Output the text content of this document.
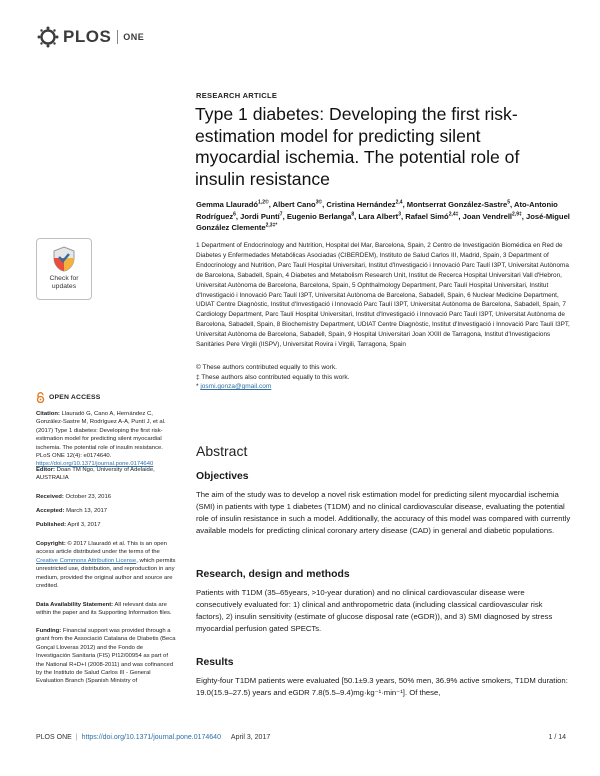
PLOS ONE
RESEARCH ARTICLE
Type 1 diabetes: Developing the first risk-estimation model for predicting silent myocardial ischemia. The potential role of insulin resistance
Gemma Llauradó$^{1,2©}$, Albert Cano$^{3©}$, Cristina Hernández$^{2,4}$, Montserrat González-Sastre$^5$, Ato-Antonio Rodríguez$^6$, Jordi Puntí$^7$, Eugenio Berlanga$^8$, Lara Albert$^3$, Rafael Simó$^{2,4\ddagger}$, Joan Vendrell$^{2,9\ddagger}$, José-Miguel González Clemente$^{2,3\ddagger*}$
1 Department of Endocrinology and Nutrition, Hospital del Mar, Barcelona, Spain, 2 Centro de Investigación Biomédica en Red de Diabetes y Enfermedades Metabólicas Asociadas (CIBERDEM), Instituto de Salud Carlos III, Madrid, Spain, 3 Department of Endocrinology and Nutrition, Parc Taulí Hospital Universitari, Institut d'Investigació i Innovació Parc Taulí I3PT, Universitat Autònoma de Barcelona, Sabadell, Spain, 4 Diabetes and Metabolism Research Unit, Institut de Recerca Hospital Universitari Vall d'Hebron, Universitat Autònoma de Barcelona, Barcelona, Spain, 5 Ophthalmology Department, Parc Taulí Hospital Universitari, Institut d'Investigació i Innovació Parc Taulí I3PT, Universitat Autònoma de Barcelona, Sabadell, Spain, 6 Nuclear Medicine Department, UDIAT Centre Diagnòstic, Institut d'Investigació i Innovació Parc Taulí I3PT, Universitat Autònoma de Barcelona, Sabadell, Spain, 7 Cardiology Department, Parc Taulí Hospital Universitari, Institut d'Investigació i Innovació Parc Taulí I3PT, Universitat Autònoma de Barcelona, Sabadell, Spain, 8 Biochemistry Department, UDIAT Centre Diagnòstic, Institut d'Investigació i Innovació Parc Taulí I3PT, Universitat Autònoma de Barcelona, Sabadell, Spain, 9 Hospital Universitari Joan XXIII de Tarragona, Institut d'Investigacions Sanitàries Pere Virgili (IISPV), Universitat Rovira i Virgili, Tarragona, Spain
© These authors contributed equally to this work.
‡ These authors also contributed equally to this work.
* josmi.gonza@gmail.com
Abstract
Objectives

The aim of the study was to develop a novel risk estimation model for predicting silent myocardial ischemia (SMI) in patients with type 1 diabetes (T1DM) and no clinical cardiovascular disease, evaluating the potential role of insulin resistance in such a model. Additionally, the accuracy of this model was compared with currently available models for predicting clinical coronary artery disease (CAD) in general and diabetic populations.

Research, design and methods

Patients with T1DM (35–65years, >10-year duration) and no clinical cardiovascular disease were consecutively evaluated for: 1) clinical and anthropometric data (including classical cardiovascular risk factors), 2) insulin sensitivity (estimate of glucose disposal rate (eGDR)), and 3) SMI diagnosed by stress myocardial perfusion gated SPECTs.

Results

Eighty-four T1DM patients were evaluated [50.1±9.3 years, 50% men, 36.9% active smokers, T1DM duration: 19.0(15.9–27.5) years and eGDR 7.8(5.5–9.4)mg·kg⁻¹·min⁻¹]. Of these,

Check for updates
OPEN ACCESS

Citation: Llauradó G, Cano A, Hernández C, González-Sastre M, Rodríguez A-A, Puntí J, et al. (2017) Type 1 diabetes: Developing the first risk-estimation model for predicting silent myocardial ischemia. The potential role of insulin resistance. PLoS ONE 12(4): e0174640. https://doi.org/10.1371/journal.pone.0174640

Editor: Doan TM Ngo, University of Adelaide, AUSTRALIA

Received: October 23, 2016

Accepted: March 13, 2017

Published: April 3, 2017

Copyright: © 2017 Llauradó et al. This is an open access article distributed under the terms of the Creative Commons Attribution License, which permits unrestricted use, distribution, and reproduction in any medium, provided the original author and source are credited.

Data Availability Statement: All relevant data are within the paper and its Supporting Information files.

Funding: Financial support was provided through a grant from the Associació Catalana de Diabetis (Beca Gonçal Lloveras 2012) and the Fondo de Investigación Sanitaria (FIS) PI12/00954 as part of the National R+D+I (2008-2011) and was cofinanced by the Instituto de Salud Carlos III - General Evaluation Branch (Spanish Ministry of

PLOS ONE | https://doi.org/10.1371/journal.pone.0174640
April 3, 2017	1 / 14
